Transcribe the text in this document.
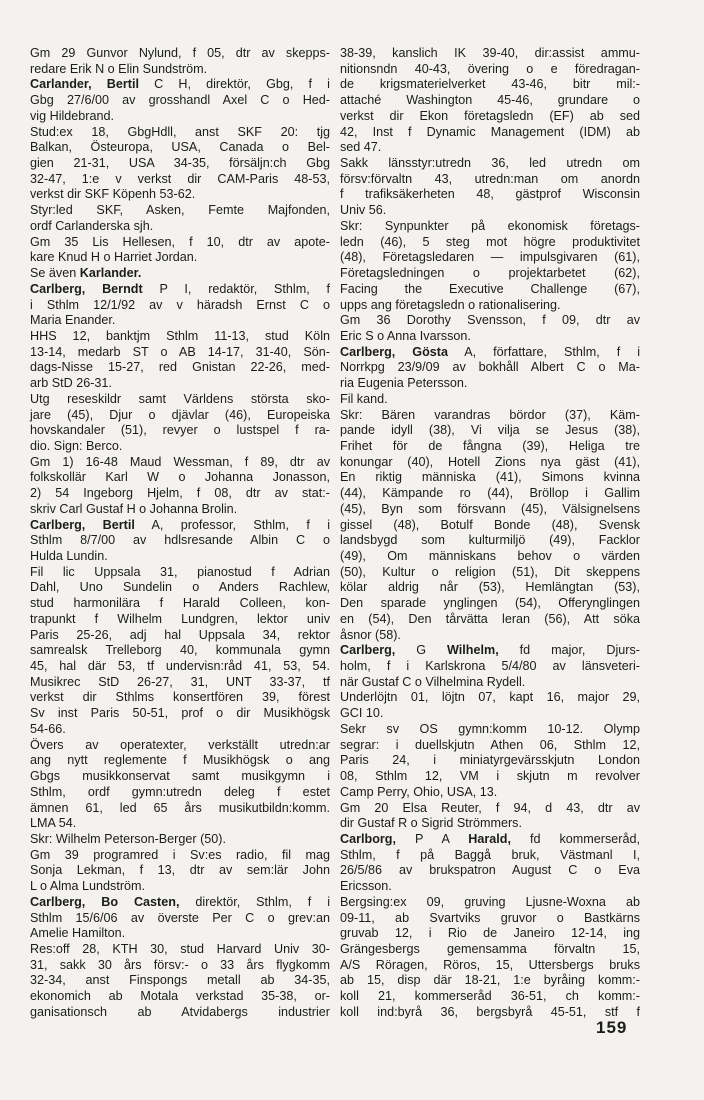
Gm 29 Gunvor Nylund, f 05, dtr av skepps-
redare Erik N o Elin Sundström.
Carlander, Bertil C H, direktör, Gbg, f i
Gbg 27/6/00 av grosshandl Axel C o Hed-
vig Hildebrand.
Stud:ex 18, GbgHdll, anst SKF 20: tjg
Balkan, Östeuropa, USA, Canada o Bel-
gien 21-31, USA 34-35, försäljn:ch Gbg
32-47, 1:e v verkst dir CAM-Paris 48-53,
verkst dir SKF Köpenh 53-62.
Styr:led SKF, Asken, Femte Majfonden,
ordf Carlanderska sjh.
Gm 35 Lis Hellesen, f 10, dtr av apote-
kare Knud H o Harriet Jordan.
Se även Karlander.
Carlberg, Berndt P I, redaktör, Sthlm, f
i Sthlm 12/1/92 av v häradsh Ernst C o
Maria Enander.
HHS 12, banktjm Sthlm 11-13, stud Köln
13-14, medarb ST o AB 14-17, 31-40, Sön-
dags-Nisse 15-27, red Gnistan 22-26, med-
arb StD 26-31.
Utg reseskildr samt Världens största sko-
jare (45), Djur o djävlar (46), Europeiska
hovskandaler (51), revyer o lustspel f ra-
dio. Sign: Berco.
Gm 1) 16-48 Maud Wessman, f 89, dtr av
folkskollär Karl W o Johanna Jonasson,
2) 54 Ingeborg Hjelm, f 08, dtr av stat:-
skriv Carl Gustaf H o Johanna Brolin.
Carlberg, Bertil A, professor, Sthlm, f i
Sthlm 8/7/00 av hdlsresande Albin C o
Hulda Lundin.
Fil lic Uppsala 31, pianostud f Adrian
Dahl, Uno Sundelin o Anders Rachlew,
stud harmonilära f Harald Colleen, kon-
trapunkt f Wilhelm Lundgren, lektor univ
Paris 25-26, adj hal Uppsala 34, rektor
samrealsk Trelleborg 40, kommunala gymn
45, hal där 53, tf undervisn:råd 41, 53, 54.
Musikrec StD 26-27, 31, UNT 33-37, tf
verkst dir Sthlms konsertfören 39, förest
Sv inst Paris 50-51, prof o dir Musikhögsk
54-66.
Övers av operatexter, verkställt utredn:ar
ang nytt reglemente f Musikhögsk o ang
Gbgs musikkonservat samt musikgymn i
Sthlm, ordf gymn:utredn deleg f estet
ämnen 61, led 65 års musikutbildn:komm.
LMA 54.
Skr: Wilhelm Peterson-Berger (50).
Gm 39 programred i Sv:es radio, fil mag
Sonja Lekman, f 13, dtr av sem:lär John
L o Alma Lundström.
Carlberg, Bo Casten, direktör, Sthlm, f i
Sthlm 15/6/06 av överste Per C o grev:an
Amelie Hamilton.
Res:off 28, KTH 30, stud Harvard Univ 30-
31, sakk 30 års försv:- o 33 års flygkomm
32-34, anst Finspongs metall ab 34-35,
ekonomich ab Motala verkstad 35-38, or-
ganisationsch ab Atvidabergs industrier
38-39, kanslich IK 39-40, dir:assist ammu-
nitionsndn 40-43, övering o e föredragan-
de krigsmaterielverket 43-46, bitr mil:-
attaché Washington 45-46, grundare o
verkst dir Ekon företagsledn (EF) ab sed
42, Inst f Dynamic Management (IDM) ab
sed 47.
Sakk länsstyr:utredn 36, led utredn om
försv:förvaltn 43, utredn:man om anordn
f trafiksäkerheten 48, gästprof Wisconsin
Univ 56.
Skr: Synpunkter på ekonomisk företags-
ledn (46), 5 steg mot högre produktivitet
(48), Företagsledaren — impulsgivaren (61),
Företagsledningen o projektarbetet (62),
Facing the Executive Challenge (67),
upps ang företagsledn o rationalisering.
Gm 36 Dorothy Svensson, f 09, dtr av
Eric S o Anna Ivarsson.
Carlberg, Gösta A, författare, Sthlm, f i
Norrkpg 23/9/09 av bokhåll Albert C o Ma-
ria Eugenia Petersson.
Fil kand.
Skr: Bären varandras bördor (37), Käm-
pande idyll (38), Vi vilja se Jesus (38),
Frihet för de fångna (39), Heliga tre
konungar (40), Hotell Zions nya gäst (41),
En riktig människa (41), Simons kvinna
(44), Kämpande ro (44), Bröllop i Gallim
(45), Byn som försvann (45), Välsignelsens
gissel (48), Botulf Bonde (48), Svensk
landsbygd som kulturmiljö (49), Facklor
(49), Om människans behov o värden
(50), Kultur o religion (51), Dit skeppens
kölar aldrig når (53), Hemlängtan (53),
Den sparade ynglingen (54), Offerynglingen
en (54), Den tårvätta leran (56), Att söka
åsnor (58).
Carlberg, G Wilhelm, fd major, Djurs-
holm, f i Karlskrona 5/4/80 av länsveteri-
när Gustaf C o Vilhelmina Rydell.
Underlöjtn 01, löjtn 07, kapt 16, major 29,
GCI 10.
Sekr sv OS gymn:komm 10-12. Olymp
segrar: i duellskjutn Athen 06, Sthlm 12,
Paris 24, i miniatyrgevärsskjutn London
08, Sthlm 12, VM i skjutn m revolver
Camp Perry, Ohio, USA, 13.
Gm 20 Elsa Reuter, f 94, d 43, dtr av
dir Gustaf R o Sigrid Strömmers.
Carlborg, P A Harald, fd kommerseråd,
Sthlm, f på Baggå bruk, Västmanl I,
26/5/86 av brukspatron August C o Eva
Ericsson.
Bergsing:ex 09, gruving Ljusne-Woxna ab
09-11, ab Svartviks gruvor o Bastkärns
gruvab 12, i Rio de Janeiro 12-14, ing
Grängesbergs gemensamma förvaltn 15,
A/S Röragen, Röros, 15, Uttersbergs bruks
ab 15, disp där 18-21, 1:e byråing komm:-
koll 21, kommerseråd 36-51, ch komm:-
koll ind:byrå 36, bergsbyrå 45-51, stf f
159
